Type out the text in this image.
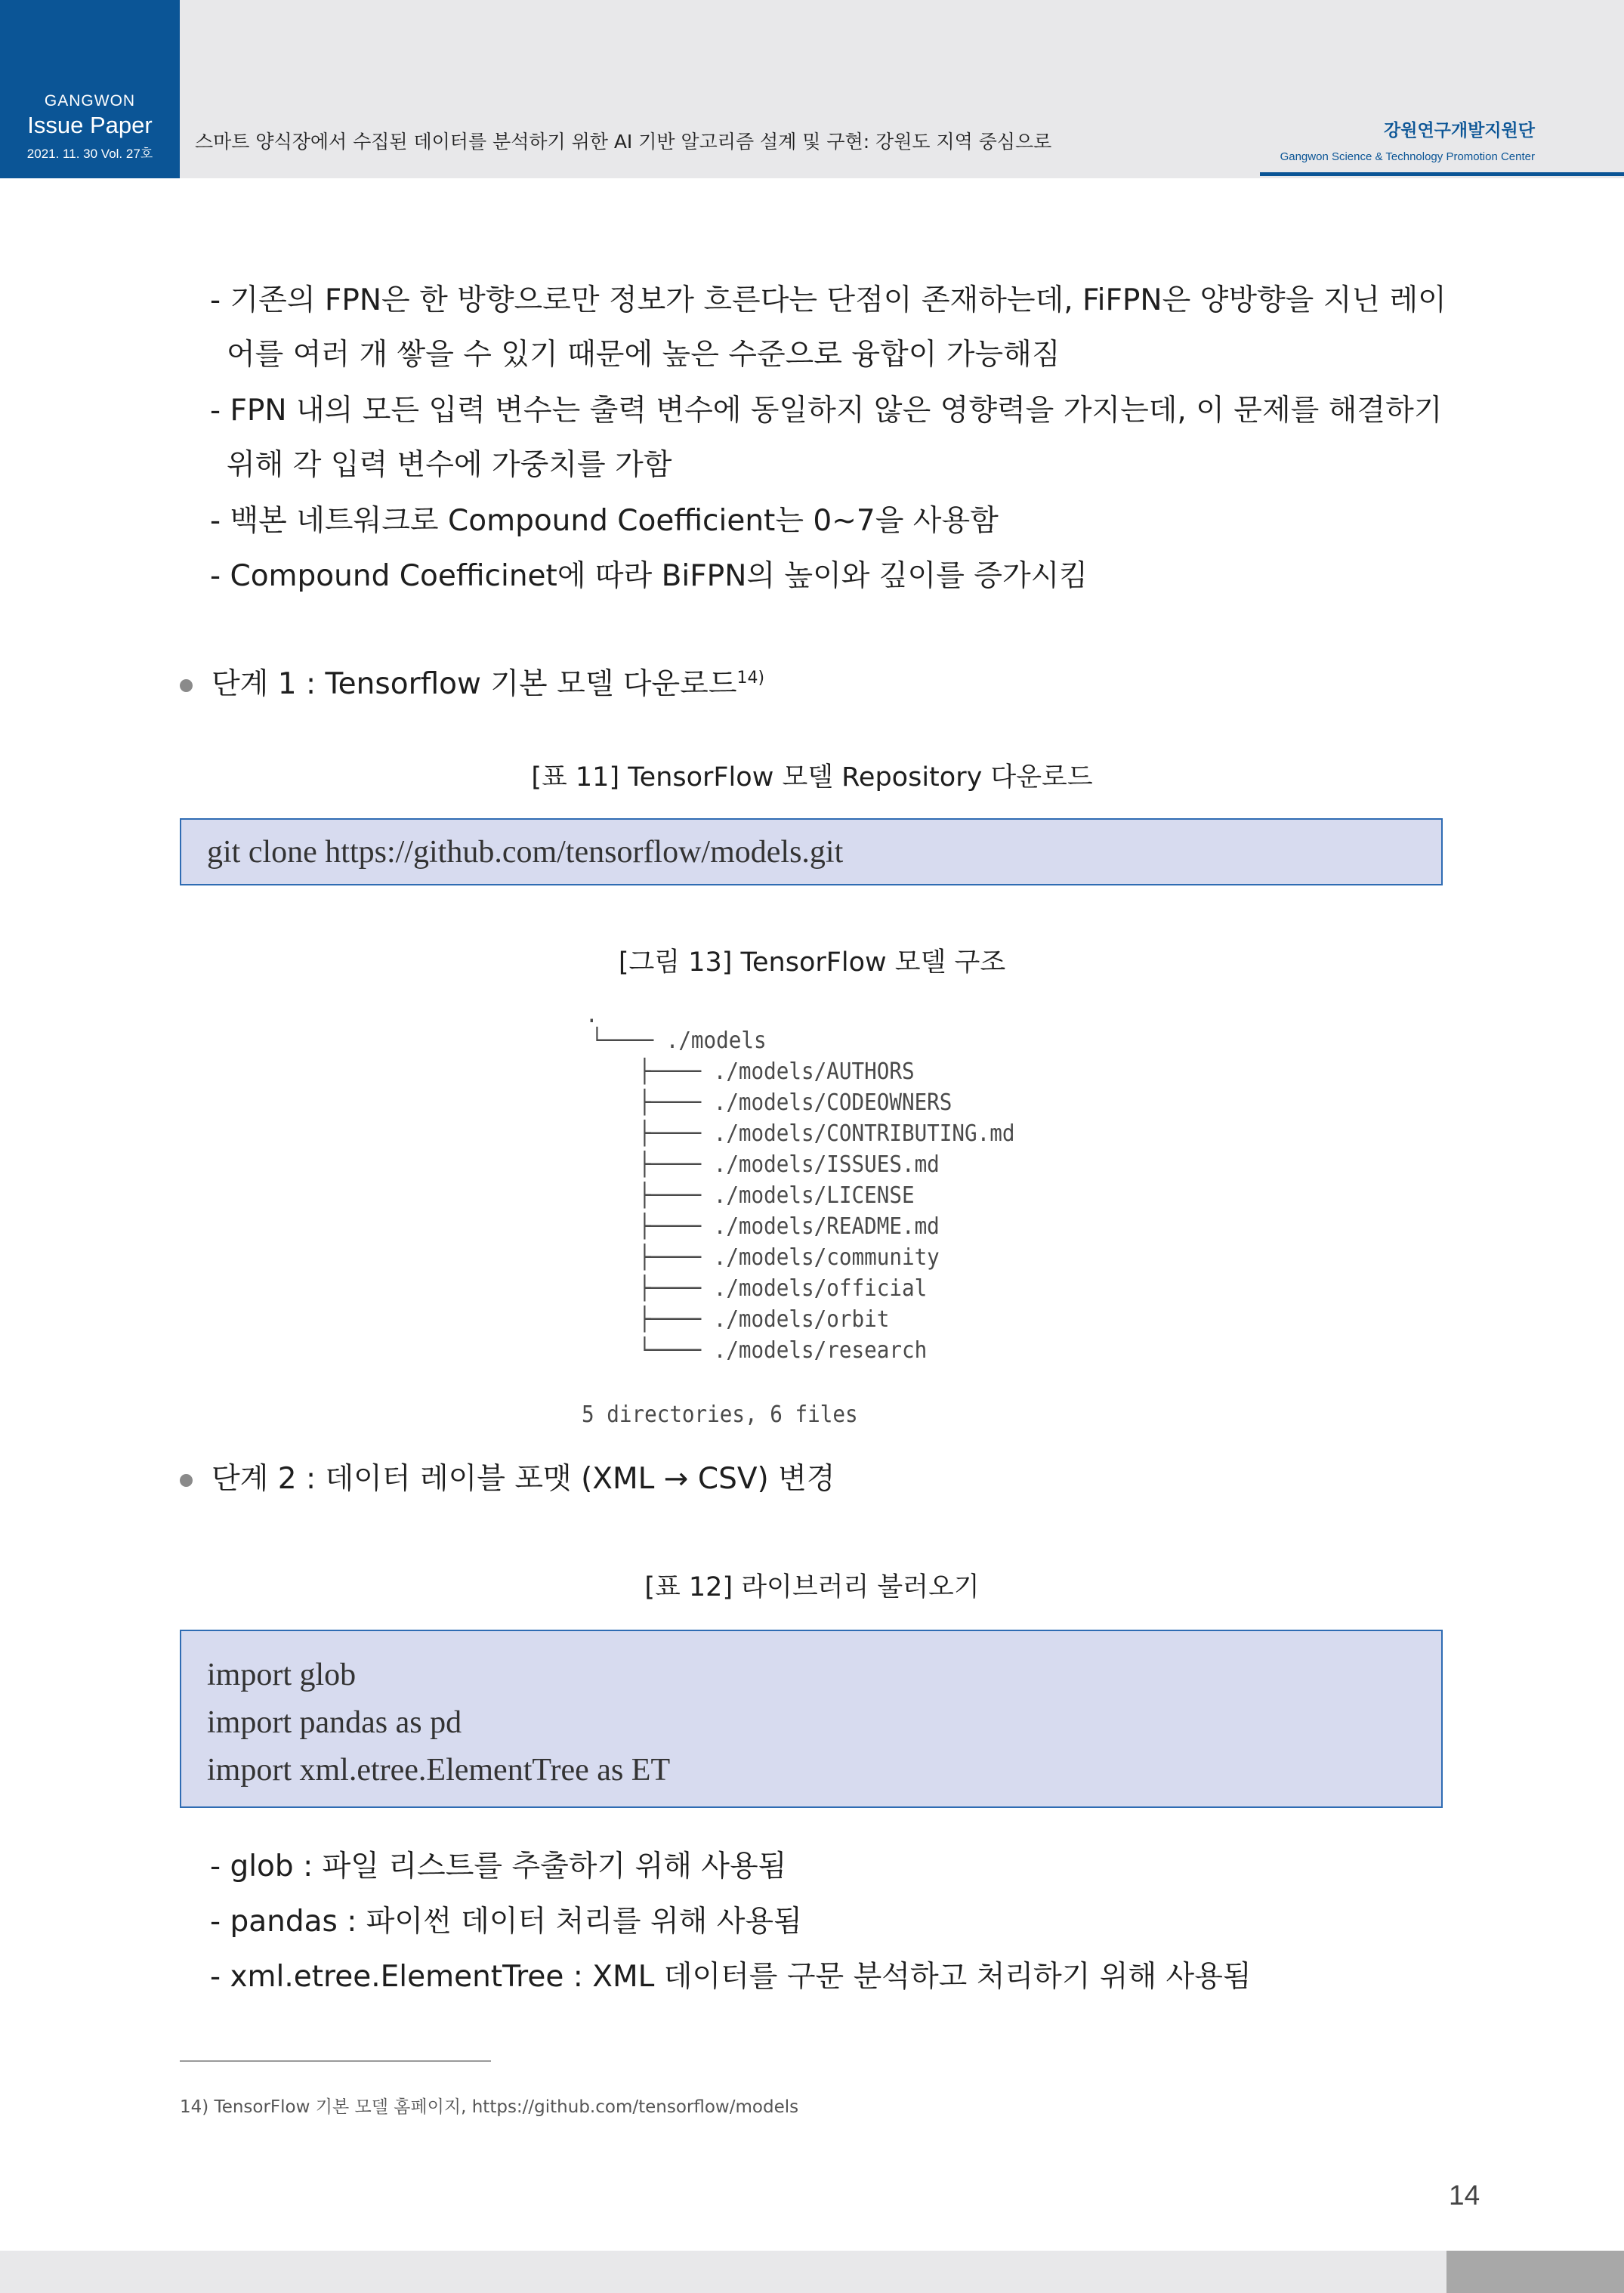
GANGWON
Issue Paper
2021. 11. 30 Vol. 27호
스마트 양식장에서 수집된 데이터를 분석하기 위한 AI 기반 알고리즘 설계 및 구현: 강원도 지역 중심으로	강원연구개발지원단
Gangwon Science & Technology Promotion Center
- 기존의 FPN은 한 방향으로만 정보가 흐른다는 단점이 존재하는데, FiFPN은 양방향을 지닌 레이
어를 여러 개 쌓을 수 있기 때문에 높은 수준으로 융합이 가능해짐
- FPN 내의 모든 입력 변수는 출력 변수에 동일하지 않은 영향력을 가지는데, 이 문제를 해결하기
위해 각 입력 변수에 가중치를 가함
- 백본 네트워크로 Compound Coefficient는 0~7을 사용함
- Compound Coefficinet에 따라 BiFPN의 높이와 깊이를 증가시킴
단계 1 : Tensorflow 기본 모델 다운로드$^{14)}$
[표 11] TensorFlow 모델 Repository 다운로드
git clone https://github.com/tensorflow/models.git
[그림 13] TensorFlow 모델 구조
.
└──── ./models
├──── ./models/AUTHORS
├──── ./models/CODEOWNERS
├──── ./models/CONTRIBUTING.md
├──── ./models/ISSUES.md
├──── ./models/LICENSE
├──── ./models/README.md
├──── ./models/community
├──── ./models/official
├──── ./models/orbit
└──── ./models/research
5 directories, 6 files
단계 2 : 데이터 레이블 포맷 (XML → CSV) 변경
[표 12] 라이브러리 불러오기
import glob
import pandas as pd
import xml.etree.ElementTree as ET
- glob : 파일 리스트를 추출하기 위해 사용됨
- pandas : 파이썬 데이터 처리를 위해 사용됨
- xml.etree.ElementTree : XML 데이터를 구문 분석하고 처리하기 위해 사용됨
14) TensorFlow 기본 모델 홈페이지, https://github.com/tensorflow/models
14
